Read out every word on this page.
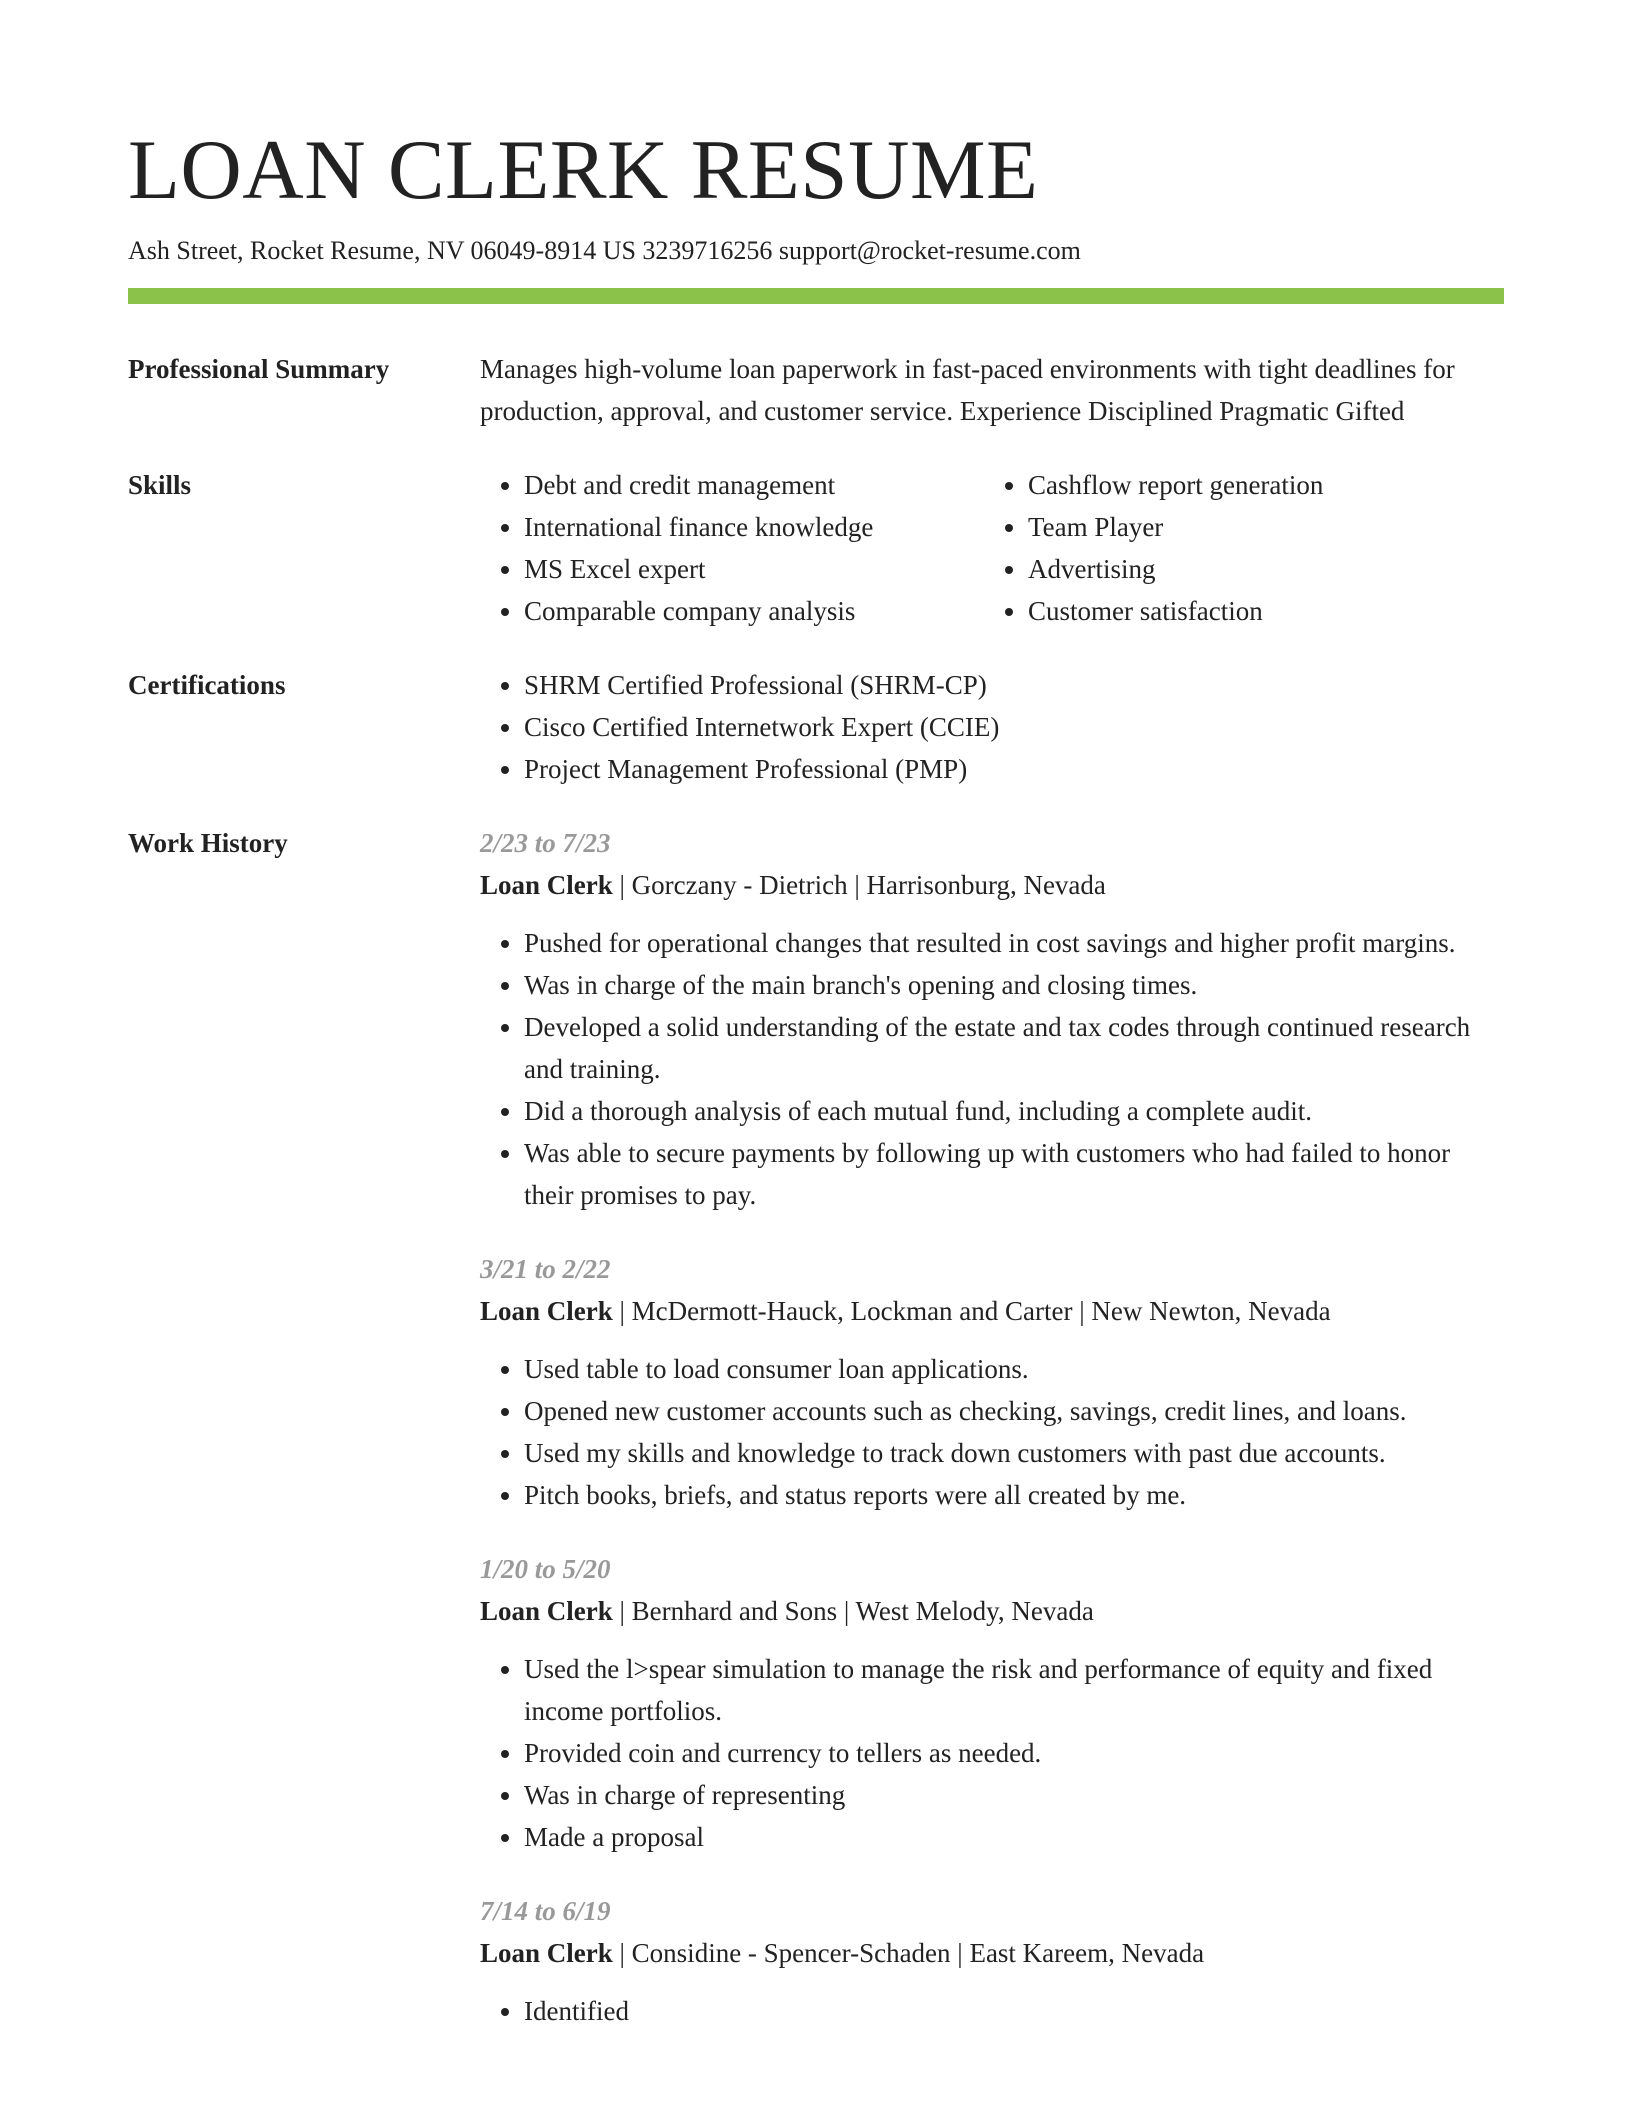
LOAN CLERK RESUME
Ash Street, Rocket Resume, NV 06049-8914 US 3239716256 support@rocket-resume.com
Professional Summary	Manages high-volume loan paperwork in fast-paced environments with tight deadlines for production, approval, and customer service. Experience Disciplined Pragmatic Gifted

Skills	• Debt and credit management
• International finance knowledge
• MS Excel expert
• Comparable company analysis
• Cashflow report generation
• Team Player
• Advertising
• Customer satisfaction
Certifications	• SHRM Certified Professional (SHRM-CP)
• Cisco Certified Internetwork Expert (CCIE)
• Project Management Professional (PMP)
Work History	2/23 to 7/23
Loan Clerk | Gorczany - Dietrich | Harrisonburg, Nevada
• Pushed for operational changes that resulted in cost savings and higher profit margins.
• Was in charge of the main branch's opening and closing times.
• Developed a solid understanding of the estate and tax codes through continued research and training.
• Did a thorough analysis of each mutual fund, including a complete audit.
• Was able to secure payments by following up with customers who had failed to honor their promises to pay.
3/21 to 2/22
Loan Clerk | McDermott-Hauck, Lockman and Carter | New Newton, Nevada
• Used table to load consumer loan applications.
• Opened new customer accounts such as checking, savings, credit lines, and loans.
• Used my skills and knowledge to track down customers with past due accounts.
• Pitch books, briefs, and status reports were all created by me.
1/20 to 5/20
Loan Clerk | Bernhard and Sons | West Melody, Nevada
• Used the l>spear simulation to manage the risk and performance of equity and fixed income portfolios.
• Provided coin and currency to tellers as needed.
• Was in charge of representing
• Made a proposal
7/14 to 6/19
Loan Clerk | Considine - Spencer-Schaden | East Kareem, Nevada
• Identified
